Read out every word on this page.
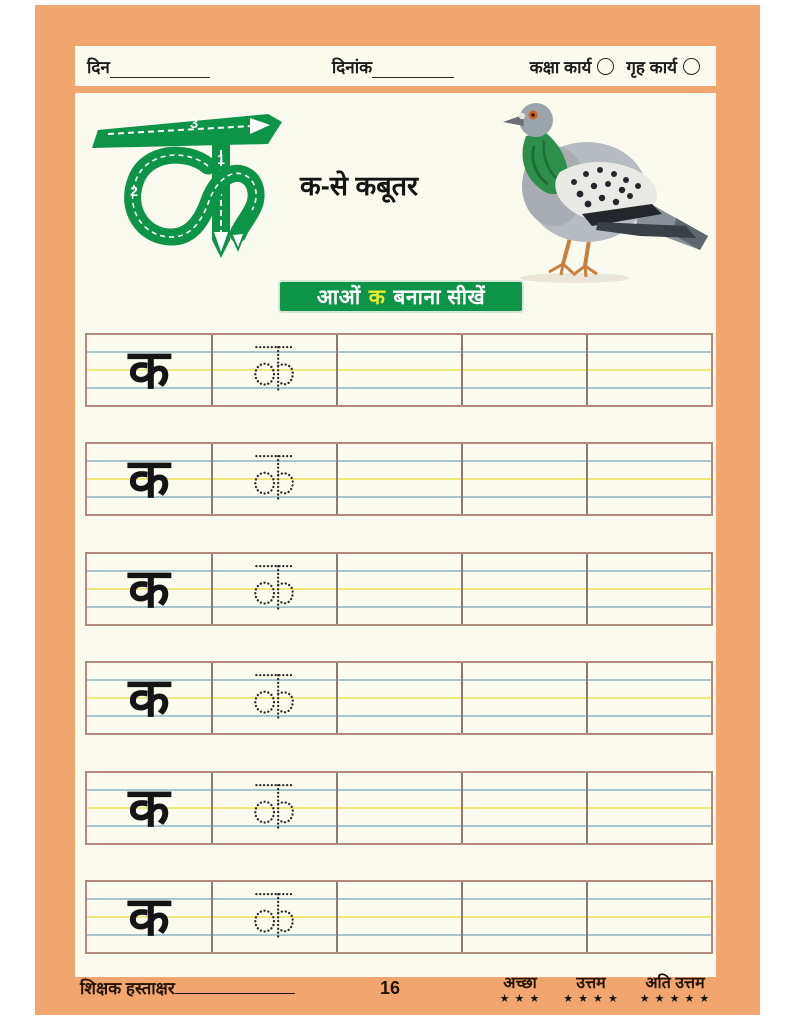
दिन	दिनांक	कक्षा कार्य गृह कार्य
3
1
2	क-से कबूतर
आओं क बनाना सीखें
क
क
क
क
क
क
शिक्षक हस्ताक्षर	16	अच्छा
★ ★ ★
उत्तम
★ ★ ★ ★
अति उत्तम
★ ★ ★ ★ ★
